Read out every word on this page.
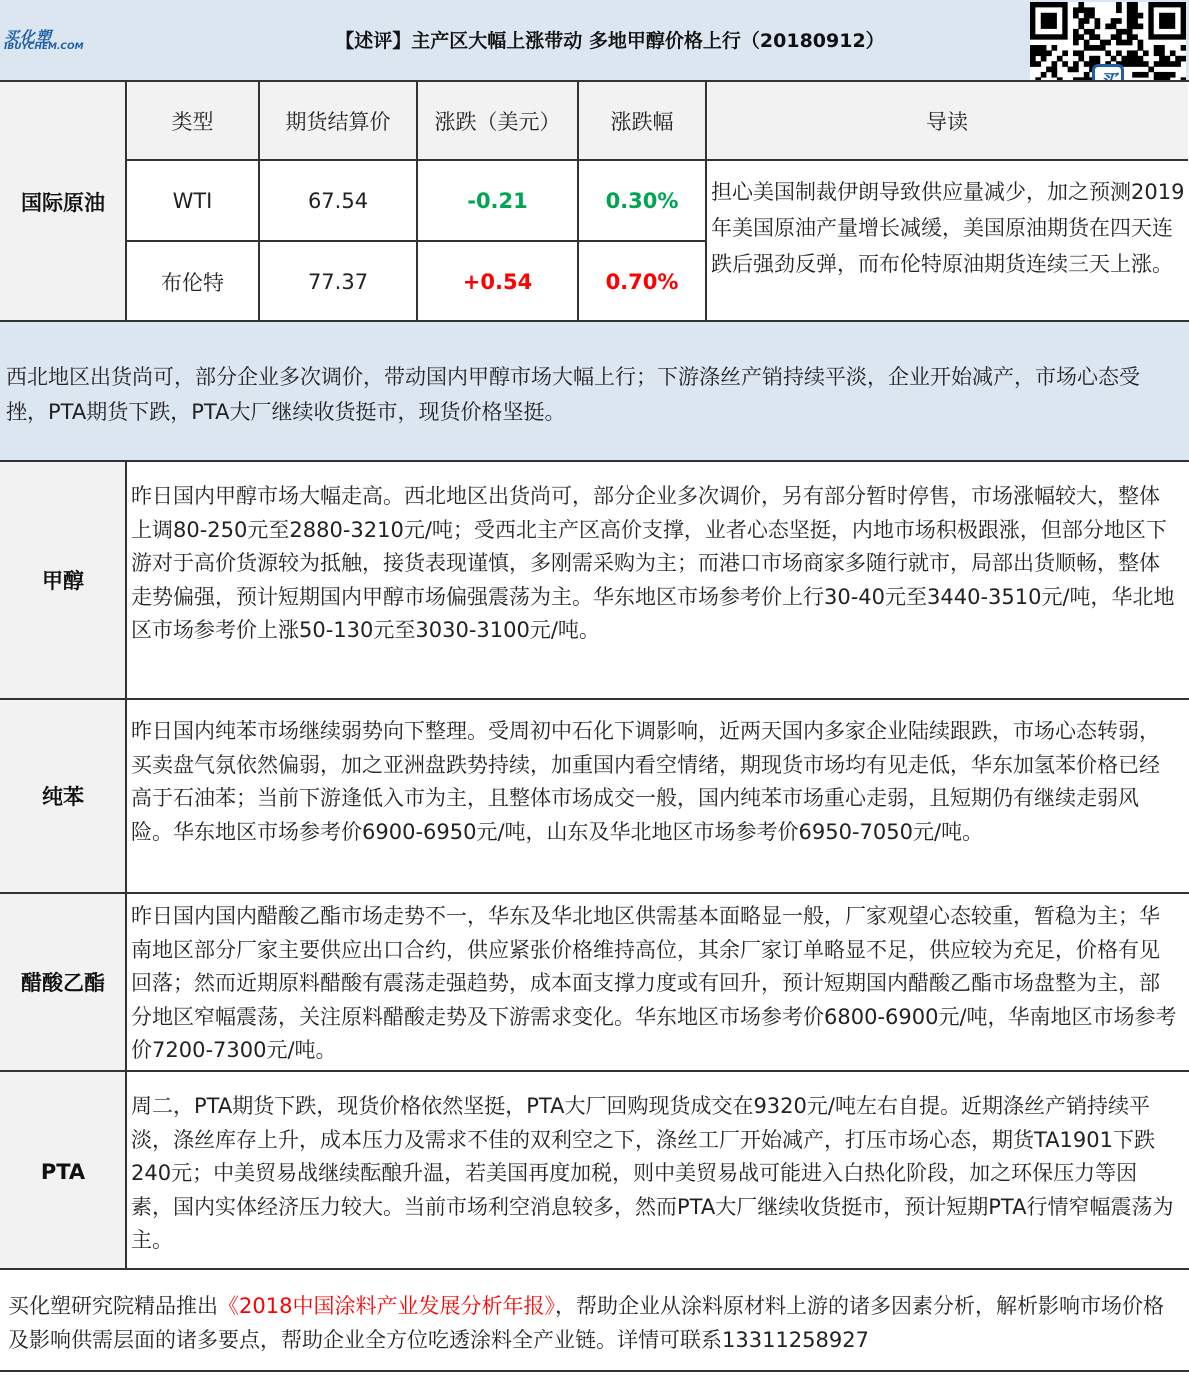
买化塑
IBUYCHEM.COM	【述评】主产区大幅上涨带动 多地甲醇价格上行（20180912）
国际原油
类型	期货结算价	涨跌（美元）	涨跌幅	导读
WTI	67.54	-0.21	0.30%
布伦特	77.37	+0.54	0.70%
担心美国制裁伊朗导致供应量减少，加之预测2019年美国原油产量增长减缓，美国原油期货在四天连跌后强劲反弹，而布伦特原油期货连续三天上涨。
西北地区出货尚可，部分企业多次调价，带动国内甲醇市场大幅上行；下游涤丝产销持续平淡，企业开始减产，市场心态受挫，PTA期货下跌，PTA大厂继续收货挺市，现货价格坚挺。
甲醇
昨日国内甲醇市场大幅走高。西北地区出货尚可，部分企业多次调价，另有部分暂时停售，市场涨幅较大，整体上调80-250元至2880-3210元/吨；受西北主产区高价支撑，业者心态坚挺，内地市场积极跟涨，但部分地区下游对于高价货源较为抵触，接货表现谨慎，多刚需采购为主；而港口市场商家多随行就市，局部出货顺畅，整体走势偏强，预计短期国内甲醇市场偏强震荡为主。华东地区市场参考价上行30-40元至3440-3510元/吨，华北地区市场参考价上涨50-130元至3030-3100元/吨。
纯苯
昨日国内纯苯市场继续弱势向下整理。受周初中石化下调影响，近两天国内多家企业陆续跟跌，市场心态转弱，买卖盘气氛依然偏弱，加之亚洲盘跌势持续，加重国内看空情绪，期现货市场均有见走低，华东加氢苯价格已经高于石油苯；当前下游逢低入市为主，且整体市场成交一般，国内纯苯市场重心走弱，且短期仍有继续走弱风险。华东地区市场参考价6900-6950元/吨，山东及华北地区市场参考价6950-7050元/吨。
醋酸乙酯
昨日国内国内醋酸乙酯市场走势不一，华东及华北地区供需基本面略显一般，厂家观望心态较重，暂稳为主；华南地区部分厂家主要供应出口合约，供应紧张价格维持高位，其余厂家订单略显不足，供应较为充足，价格有见回落；然而近期原料醋酸有震荡走强趋势，成本面支撑力度或有回升，预计短期国内醋酸乙酯市场盘整为主，部分地区窄幅震荡，关注原料醋酸走势及下游需求变化。华东地区市场参考价6800-6900元/吨，华南地区市场参考价7200-7300元/吨。
PTA
周二，PTA期货下跌，现货价格依然坚挺，PTA大厂回购现货成交在9320元/吨左右自提。近期涤丝产销持续平淡，涤丝库存上升，成本压力及需求不佳的双利空之下，涤丝工厂开始减产，打压市场心态，期货TA1901下跌240元；中美贸易战继续酝酿升温，若美国再度加税，则中美贸易战可能进入白热化阶段，加之环保压力等因素，国内实体经济压力较大。当前市场利空消息较多，然而PTA大厂继续收货挺市，预计短期PTA行情窄幅震荡为主。
买化塑研究院精品推出《2018中国涂料产业发展分析年报》，帮助企业从涂料原材料上游的诸多因素分析，解析影响市场价格及影响供需层面的诸多要点，帮助企业全方位吃透涂料全产业链。详情可联系13311258927
